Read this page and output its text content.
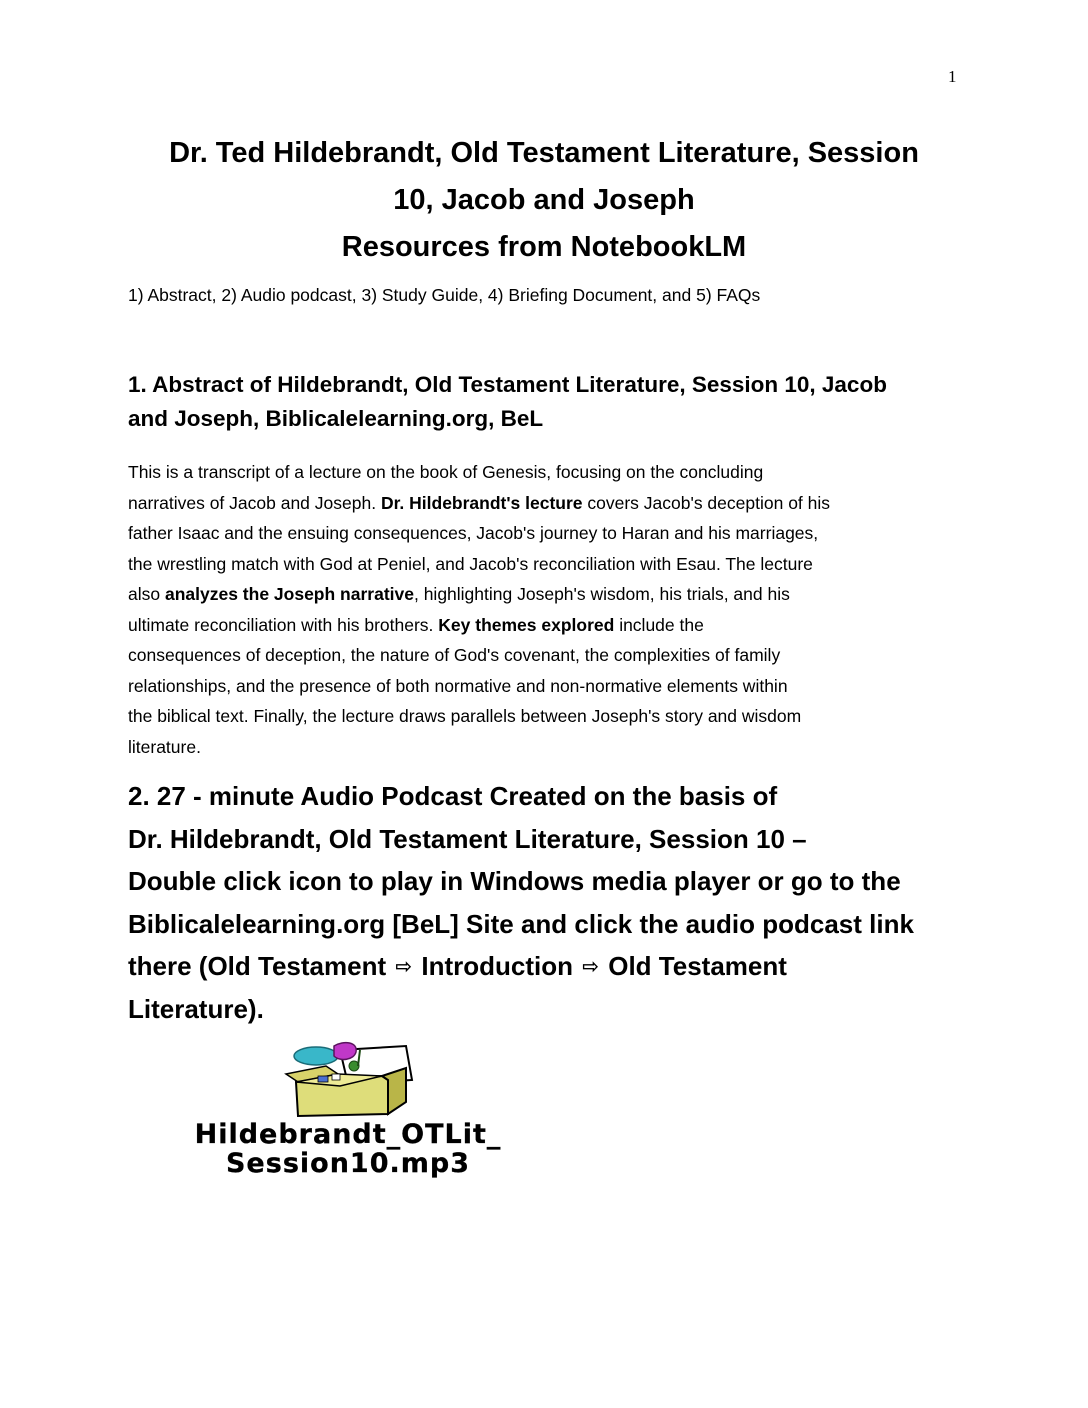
1
Dr. Ted Hildebrandt, Old Testament Literature, Session
10, Jacob and Joseph
Resources from NotebookLM
1) Abstract, 2) Audio podcast, 3) Study Guide, 4) Briefing Document, and 5) FAQs
1. Abstract of Hildebrandt, Old Testament Literature, Session 10, Jacob
and Joseph, Biblicalelearning.org, BeL
This is a transcript of a lecture on the book of Genesis, focusing on the concluding
narratives of Jacob and Joseph. Dr. Hildebrandt's lecture covers Jacob's deception of his
father Isaac and the ensuing consequences, Jacob's journey to Haran and his marriages,
the wrestling match with God at Peniel, and Jacob's reconciliation with Esau. The lecture
also analyzes the Joseph narrative, highlighting Joseph's wisdom, his trials, and his
ultimate reconciliation with his brothers. Key themes explored include the
consequences of deception, the nature of God's covenant, the complexities of family
relationships, and the presence of both normative and non-normative elements within
the biblical text. Finally, the lecture draws parallels between Joseph's story and wisdom
literature.
2. 27 - minute Audio Podcast Created on the basis of
Dr. Hildebrandt, Old Testament Literature, Session 10 –
Double click icon to play in Windows media player or go to the
Biblicalelearning.org [BeL] Site and click the audio podcast link
there (Old Testament ⇨ Introduction ⇨ Old Testament
Literature).
Hildebrandt_OTLit_
Session10.mp3
